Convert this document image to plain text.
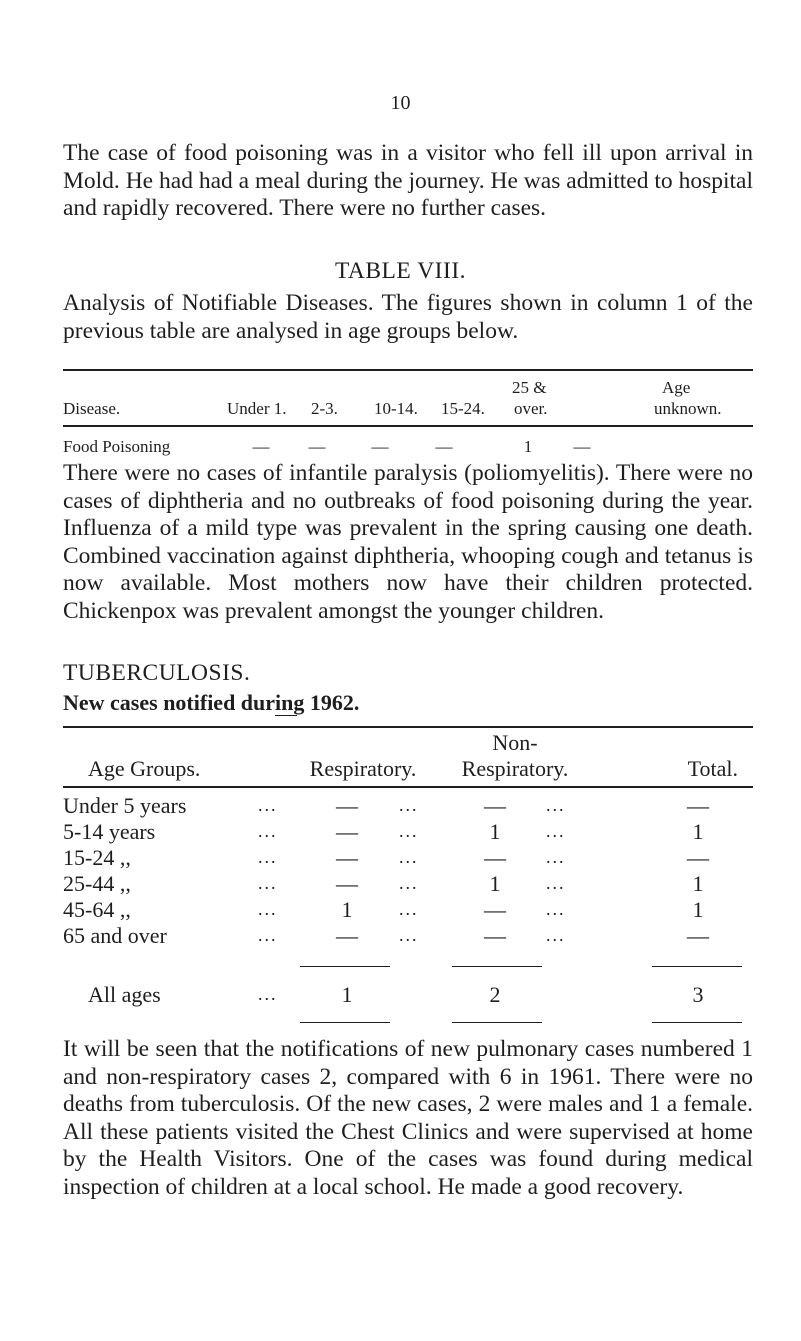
10
The case of food poisoning was in a visitor who fell ill upon arrival in Mold. He had had a meal during the journey. He was admitted to hospital and rapidly recovered. There were no further cases.
TABLE VIII.
Analysis of Notifiable Diseases. The figures shown in column 1 of the previous table are analysed in age groups below.
25 &	Age
Disease.	Under 1. 2-3. 10-14. 15-24. over.	unknown.
Food Poisoning	— —	—	—	1	—
There were no cases of infantile paralysis (poliomyelitis). There were no cases of diphtheria and no outbreaks of food poisoning during the year. Influenza of a mild type was prevalent in the spring causing one death. Combined vaccination against diphtheria, whooping cough and tetanus is now available. Most mothers now have their children protected. Chickenpox was prevalent amongst the younger children.
TUBERCULOSIS.
New cases notified during 1962.
Non-
Age Groups.	Respiratory.	Respiratory.	Total.
Under 5 years	...	— ...	— ...	—
5-14 years	...	— ...	1	...	1
15-24 ,,	...	— ...	— ...	—
25-44 ,,	...	— ...	1	...	1
45-64 ,,	...	1	...	— ...	1
65 and over	...	— ...	— ...	—
All ages	...	1	2	3
It will be seen that the notifications of new pulmonary cases numbered 1 and non-respiratory cases 2, compared with 6 in 1961. There were no deaths from tuberculosis. Of the new cases, 2 were males and 1 a female. All these patients visited the Chest Clinics and were supervised at home by the Health Visitors. One of the cases was found during medical inspection of children at a local school. He made a good recovery.
